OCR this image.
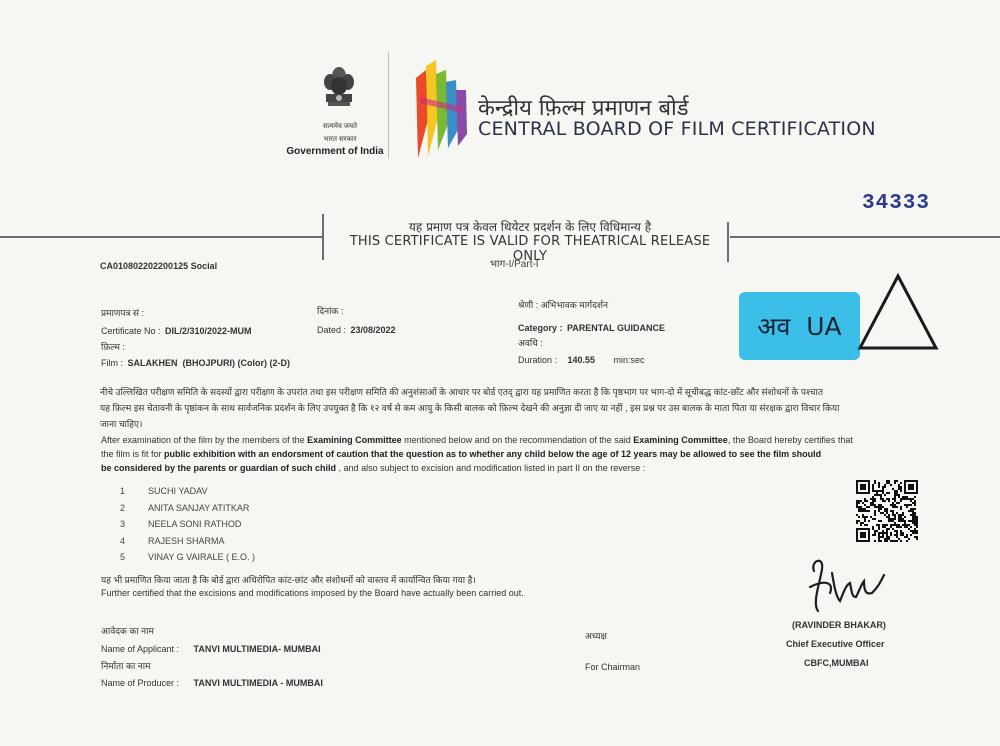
सत्यमेव जयते
भारत सरकार
Government of India
केन्द्रीय फ़िल्म प्रमाणन बोर्ड
CENTRAL BOARD OF FILM CERTIFICATION
34333
यह प्रमाण पत्र केवल थियेटर प्रदर्शन के लिए विधिमान्य है
THIS CERTIFICATE IS VALID FOR THEATRICAL RELEASE ONLY
भाग-I/Part-I
CA010802202200125 Social
प्रमाणपत्र सं :
Certificate No : DIL/2/310/2022-MUM
दिनांक :
Dated : 23/08/2022
श्रेणी : अभिभावक मार्गदर्शन
Category : PARENTAL GUIDANCE
फ़िल्म :
Film : SALAKHEN  (BHOJPURI) (Color) (2-D)
अवधि :
Duration : 140.55 min:sec
अव  UA
नीचे उल्लिखित परीक्षण समिति के सदस्यों द्वारा परीक्षण के उपरांत तथा इस परीक्षण समिति की अनुशंसाओं के आधार पर बोर्ड एतद् द्वारा यह प्रमाणित करता है कि पृष्ठभाग पर भाग-दो में सूचीबद्ध कांट-छाँट और संशोधनों के पश्चात
यह फ़िल्म इस चेतावनी के पृष्ठांकन के साथ सार्वजनिक प्रदर्शन के लिए उपयुक्त है कि १२ वर्ष से कम आयु के किसी बालक को फ़िल्म देखने की अनुज्ञा दी जाए या नहीं , इस प्रश्न पर उस बालक के माता पिता या संरक्षक द्वारा विचार किया
जाना चाहिए।
After examination of the film by the members of the Examining Committee mentioned below and on the recommendation of the said Examining Committee, the Board hereby certifies that
the film is fit for public exhibition with an endorsment of caution that the question as to whether any child below the age of 12 years may be allowed to see the film should
be considered by the parents or guardian of such child , and also subject to excision and modification listed in part II on the reverse :
1	SUCHI YADAV
2	ANITA SANJAY ATITKAR
3	NEELA SONI RATHOD
4	RAJESH SHARMA
5	VINAY G VAIRALE ( E.O. )
यह भी प्रमाणित किया जाता है कि बोर्ड द्वारा अधिरोपित कांट-छांट और संशोधनों को वास्तव में कार्यान्वित किया गया है।
Further certified that the excisions and modifications imposed by the Board have actually been carried out.
(RAVINDER BHAKAR)
Chief Executive Officer
CBFC,MUMBAI
आवेदक का नाम
Name of Applicant : TANVI MULTIMEDIA- MUMBAI
निर्माता का नाम
Name of Producer : TANVI MULTIMEDIA - MUMBAI
अध्यक्ष
For Chairman
